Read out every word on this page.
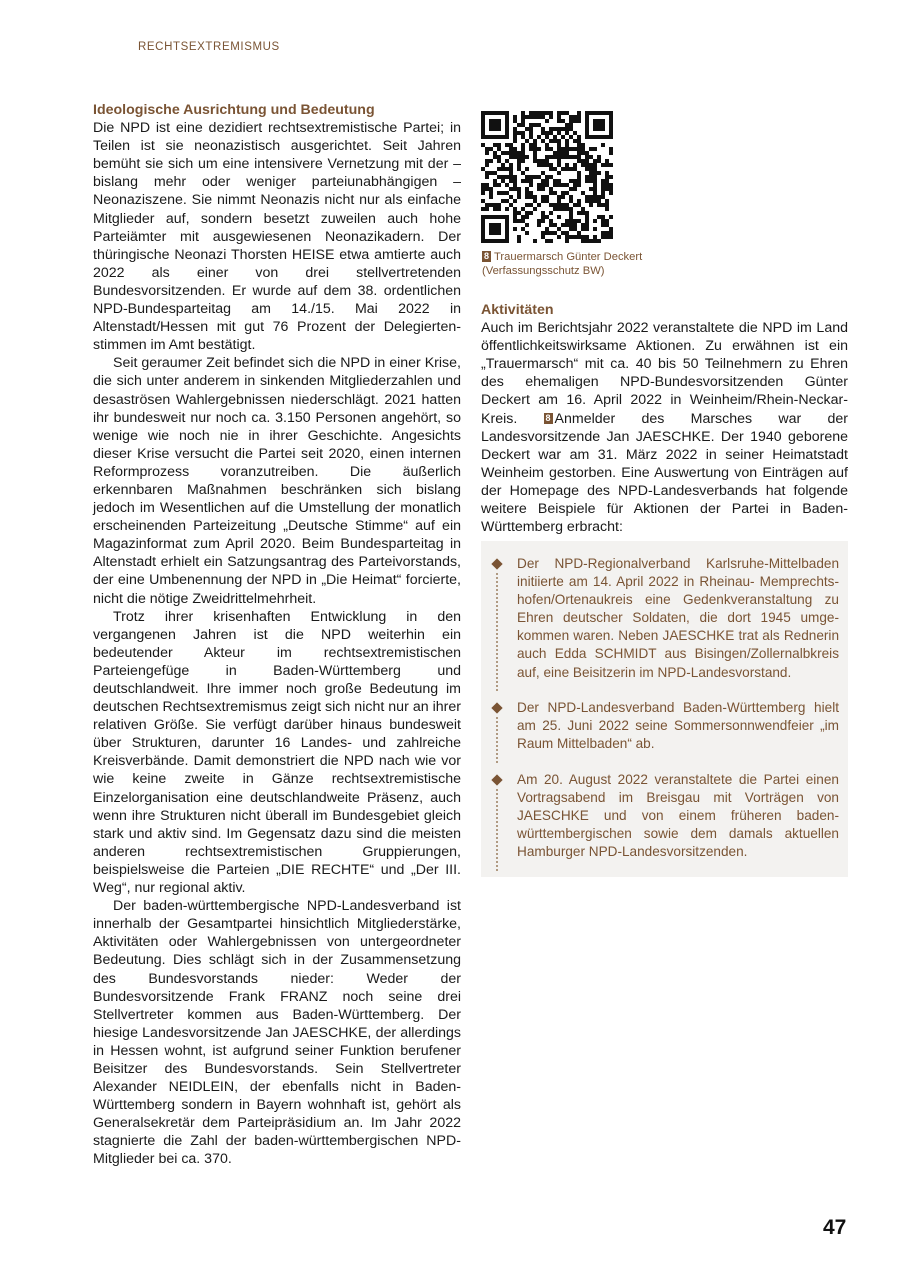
RECHTSEXTREMISMUS
Ideologische Ausrichtung und Bedeutung

Die NPD ist eine dezidiert rechtsextremistische Partei; in Teilen ist sie neonazistisch ausgerichtet. Seit Jahren bemüht sie sich um eine intensivere Vernetzung mit der – bislang mehr oder weniger parteiunabhängigen – Neonaziszene. Sie nimmt Neonazis nicht nur als einfache Mitglieder auf, sondern besetzt zuweilen auch hohe Parteiämter mit ausgewiesenen Neonazikadern. Der thüringische Neonazi Thorsten HEISE etwa amtierte auch 2022 als einer von drei stellvertretenden Bundesvorsitzenden. Er wurde auf dem 38. ordentlichen NPD-Bundesparteitag am 14./15. Mai 2022 in Altenstadt/Hessen mit gut 76 Prozent der Delegiertenstimmen im Amt bestätigt.

Seit geraumer Zeit befindet sich die NPD in einer Krise, die sich unter anderem in sinkenden Mitgliederzahlen und desaströsen Wahlergebnissen niederschlägt. 2021 hatten ihr bundesweit nur noch ca. 3.150 Personen angehört, so wenige wie noch nie in ihrer Geschichte. Angesichts dieser Krise versucht die Partei seit 2020, einen internen Reformprozess voranzutreiben. Die äußerlich erkennbaren Maßnahmen beschränken sich bislang jedoch im Wesentlichen auf die Umstellung der monatlich erscheinenden Parteizeitung „Deutsche Stimme“ auf ein Magazinformat zum April 2020. Beim Bundesparteitag in Altenstadt erhielt ein Satzungsantrag des Parteivorstands, der eine Umbenennung der NPD in „Die Heimat“ forcierte, nicht die nötige Zweidrittelmehrheit.

Trotz ihrer krisenhaften Entwicklung in den vergangenen Jahren ist die NPD weiterhin ein bedeutender Akteur im rechtsextremistischen Parteiengefüge in Baden-Württemberg und deutschlandweit. Ihre immer noch große Bedeutung im deutschen Rechtsextremismus zeigt sich nicht nur an ihrer relativen Größe. Sie verfügt darüber hinaus bundesweit über Strukturen, darunter 16 Landes- und zahlreiche Kreisverbände. Damit demonstriert die NPD nach wie vor wie keine zweite in Gänze rechtsextremistische Einzelorganisation eine deutschlandweite Präsenz, auch wenn ihre Strukturen nicht überall im Bundesgebiet gleich stark und aktiv sind. Im Gegensatz dazu sind die meisten anderen rechtsextremistischen Gruppierungen, beispielsweise die Parteien „DIE RECHTE“ und „Der III. Weg“, nur regional aktiv.

Der baden-württembergische NPD-Landesverband ist innerhalb der Gesamtpartei hinsichtlich Mitgliederstärke, Aktivitäten oder Wahlergebnissen von untergeordneter Bedeutung. Dies schlägt sich in der Zusammensetzung des Bundesvorstands nieder: Weder der Bundesvorsitzende Frank FRANZ noch seine drei Stellvertreter kommen aus Baden-Württemberg. Der hiesige Landesvorsitzende Jan JAESCHKE, der allerdings in Hessen wohnt, ist aufgrund seiner Funktion berufener Beisitzer des Bundesvorstands. Sein Stellvertreter Alexander NEIDLEIN, der ebenfalls nicht in Baden-Württemberg sondern in Bayern wohnhaft ist, gehört als Generalsekretär dem Parteipräsidium an. Im Jahr 2022 stagnierte die Zahl der baden-württembergischen NPD-Mitglieder bei ca. 370.

8 Trauermarsch Günter Deckert (Verfassungsschutz BW)
Aktivitäten

Auch im Berichtsjahr 2022 veranstaltete die NPD im Land öffentlichkeitswirksame Aktionen. Zu erwähnen ist ein „Trauermarsch“ mit ca. 40 bis 50 Teilnehmern zu Ehren des ehemaligen NPD-Bundesvorsitzenden Günter Deckert am 16. April 2022 in Weinheim/Rhein-Neckar-Kreis.	8 Anmelder des Marsches war der Landesvorsitzende Jan JAESCHKE. Der 1940 geborene Deckert war am 31. März 2022 in seiner Heimatstadt Weinheim gestorben. Eine Auswertung von Einträgen auf der Homepage des NPD-Landesverbands hat folgende weitere Beispiele für Aktionen der Partei in Baden-Württemberg erbracht:

Der NPD-Regionalverband Karlsruhe-Mittelbaden initiierte am 14. April 2022 in Rheinau- Memprechtshofen/Ortenaukreis eine Gedenkveranstaltung zu Ehren deutscher Soldaten, die dort 1945 umgekommen waren. Neben JAESCHKE trat als Rednerin auch Edda SCHMIDT aus Bisingen/Zollernalbkreis auf, eine Beisitzerin im NPD-Landesvorstand.
Der NPD-Landesverband Baden-Württemberg hielt am 25. Juni 2022 seine Sommersonnwendfeier „im Raum Mittelbaden“ ab.
Am 20. August 2022 veranstaltete die Partei einen Vortragsabend im Breisgau mit Vorträgen von JAESCHKE und von einem früheren badenwürttembergischen sowie dem damals aktuellen Hamburger NPD-Landesvorsitzenden.
47
